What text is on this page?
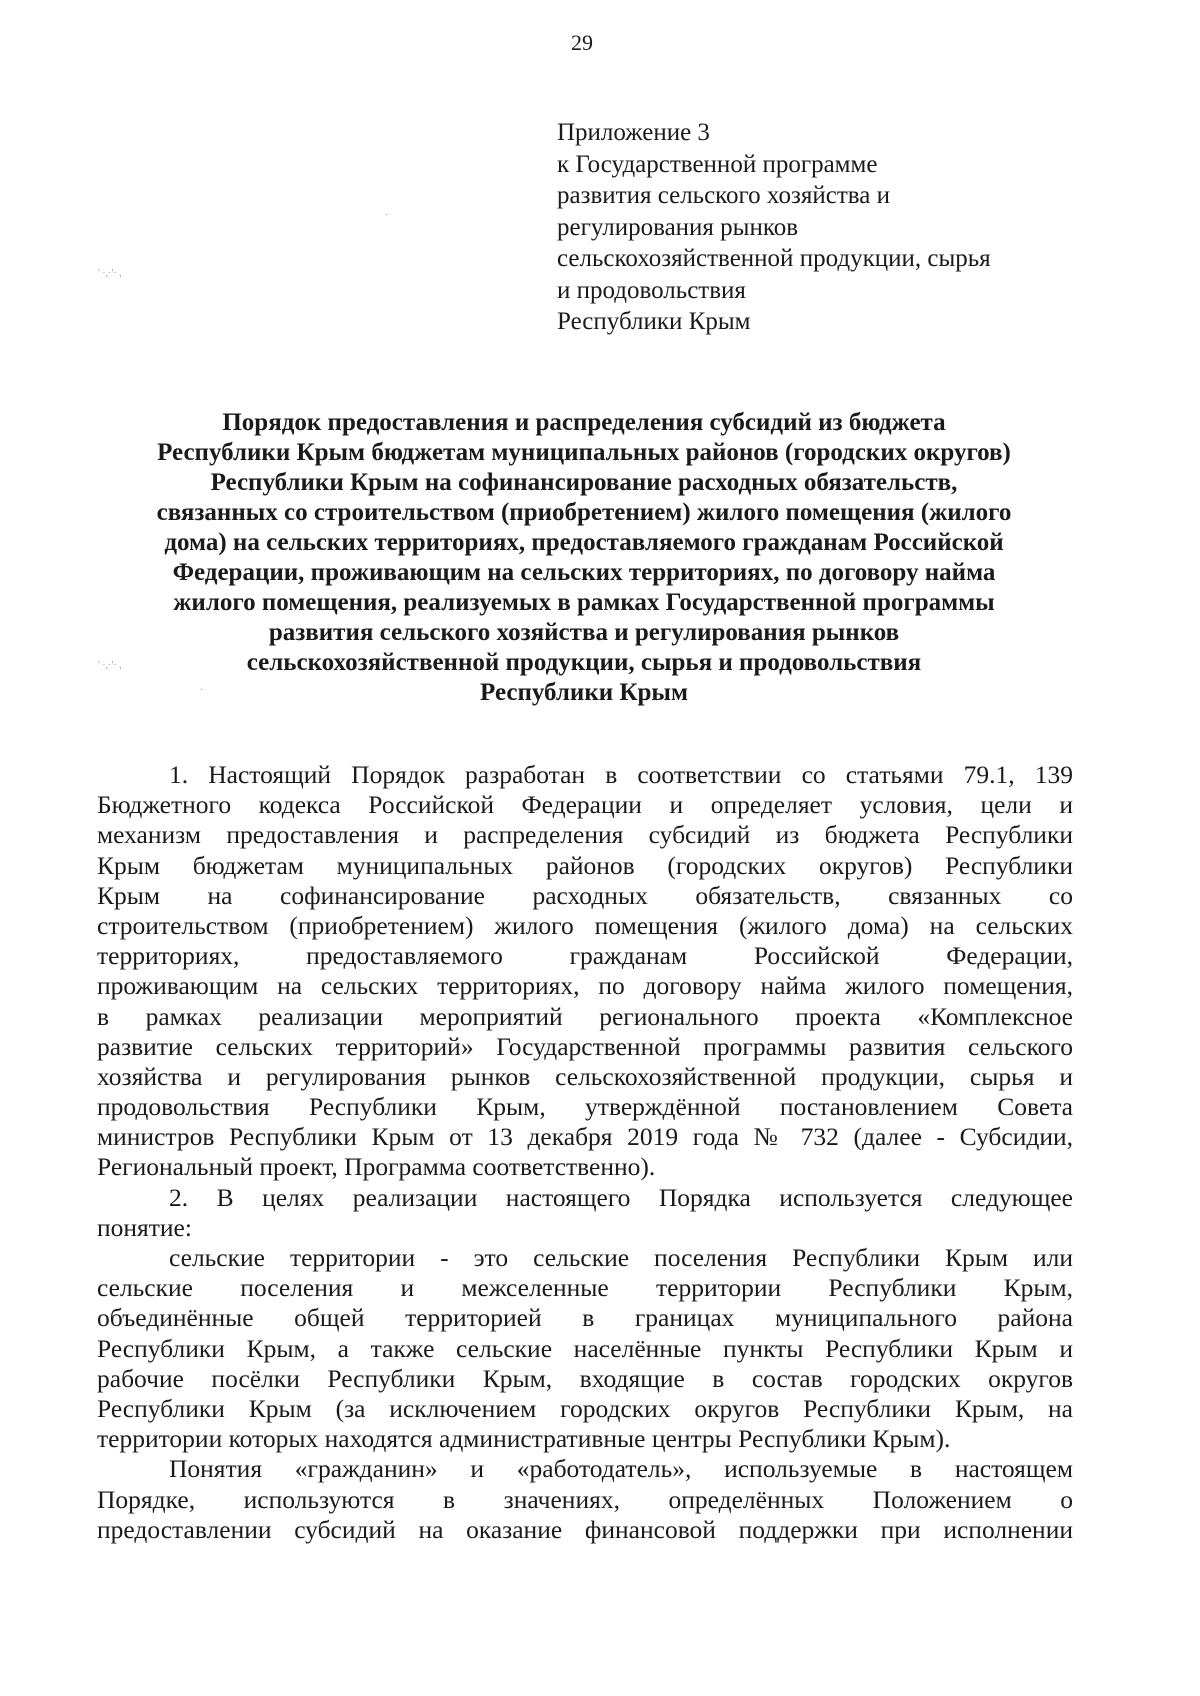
29
Приложение 3
к Государственной программе
развития сельского хозяйства и
регулирования рынков
сельскохозяйственной продукции, сырья
и продовольствия
Республики Крым
Порядок предоставления и распределения субсидий из бюджета
Республики Крым бюджетам муниципальных районов (городских округов)
Республики Крым на софинансирование расходных обязательств,
связанных со строительством (приобретением) жилого помещения (жилого
дома) на сельских территориях, предоставляемого гражданам Российской
Федерации, проживающим на сельских территориях, по договору найма
жилого помещения, реализуемых в рамках Государственной программы
развития сельского хозяйства и регулирования рынков
сельскохозяйственной продукции, сырья и продовольствия
Республики Крым
1. Настоящий Порядок разработан в соответствии со статьями 79.1, 139
Бюджетного кодекса Российской Федерации и определяет условия, цели и
механизм предоставления и распределения субсидий из бюджета Республики
Крым бюджетам муниципальных районов (городских округов) Республики
Крым на софинансирование расходных обязательств, связанных со
строительством (приобретением) жилого помещения (жилого дома) на сельских
территориях, предоставляемого гражданам Российской Федерации,
проживающим на сельских территориях, по договору найма жилого помещения,
в рамках реализации мероприятий регионального проекта «Комплексное
развитие сельских территорий» Государственной программы развития сельского
хозяйства и регулирования рынков сельскохозяйственной продукции, сырья и
продовольствия Республики Крым, утверждённой постановлением Совета
министров Республики Крым от 13 декабря 2019 года № 732 (далее - Субсидии,
Региональный проект, Программа соответственно).
2. В целях реализации настоящего Порядка используется следующее
понятие:
сельские территории - это сельские поселения Республики Крым или
сельские поселения и межселенные территории Республики Крым,
объединённые общей территорией в границах муниципального района
Республики Крым, а также сельские населённые пункты Республики Крым и
рабочие посёлки Республики Крым, входящие в состав городских округов
Республики Крым (за исключением городских округов Республики Крым, на
территории которых находятся административные центры Республики Крым).
Понятия «гражданин» и «работодатель», используемые в настоящем
Порядке, используются в значениях, определённых Положением о
предоставлении субсидий на оказание финансовой поддержки при исполнении
' ·,·'· ,
' ·,·'· ,
·
·
